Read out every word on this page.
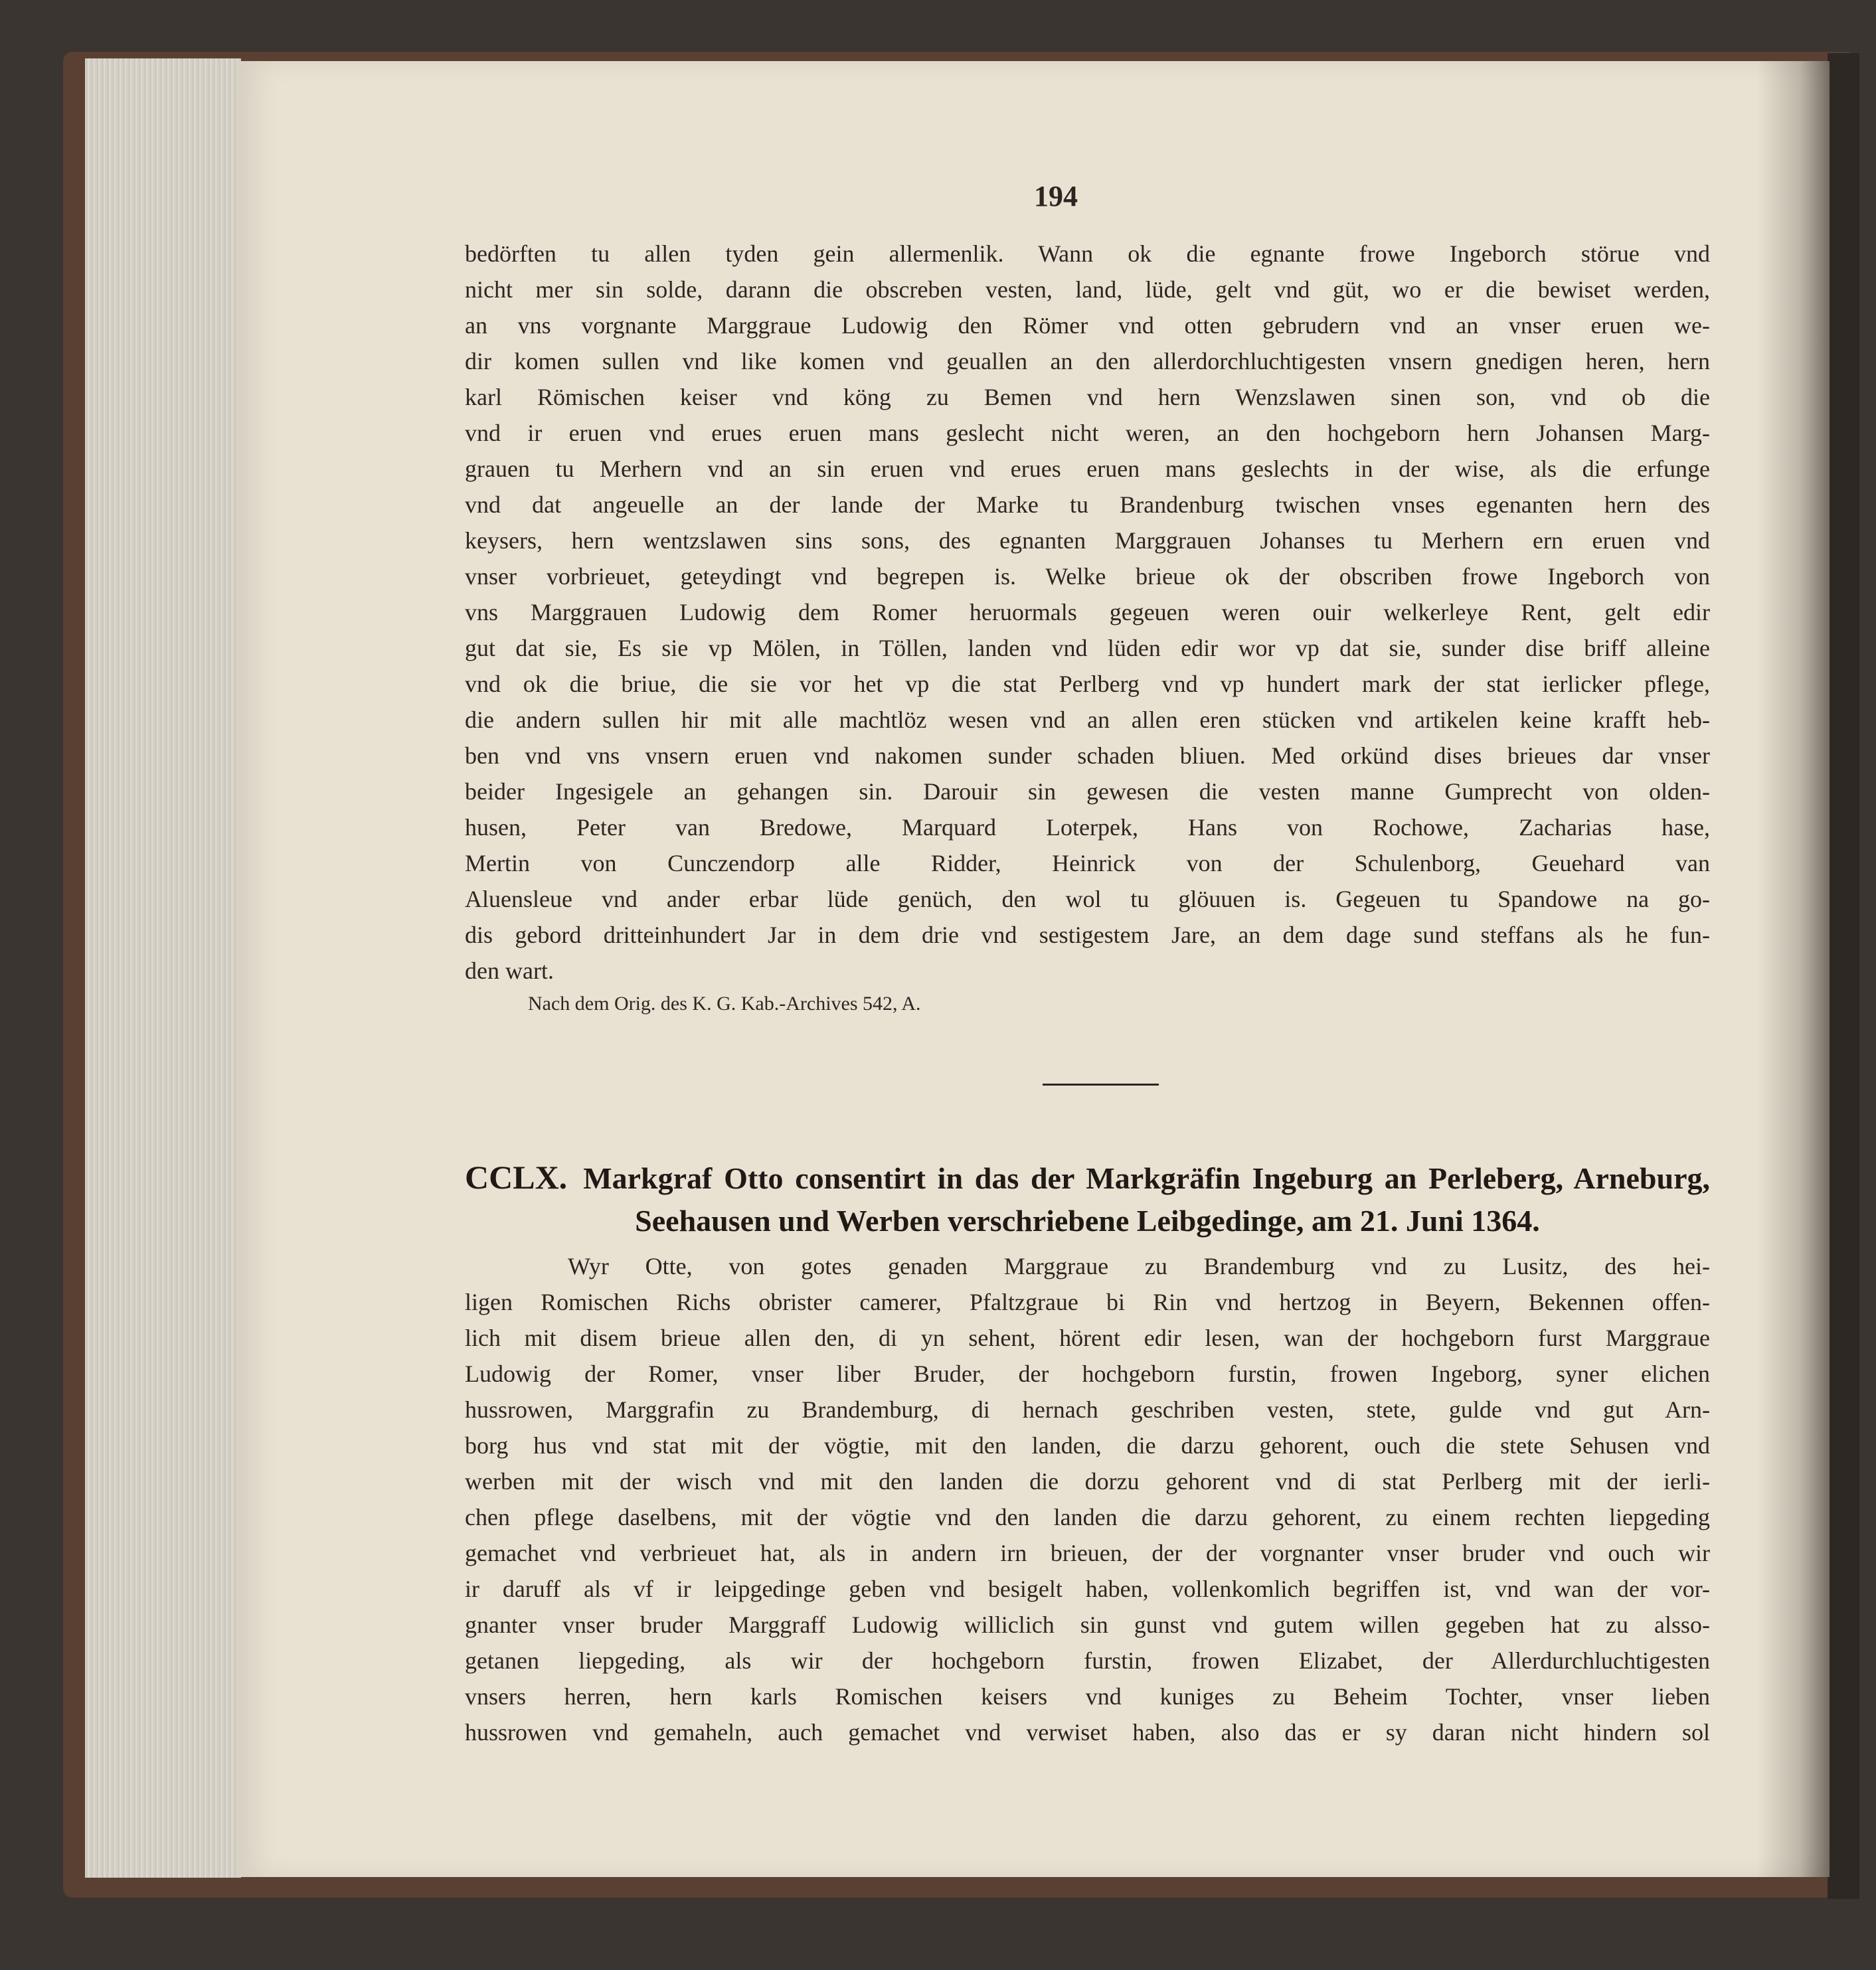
194
bedörften tu allen tyden gein allermenlik. Wann ok die egnante frowe Ingeborch störue vnd
nicht mer sin solde, darann die obscreben vesten, land, lüde, gelt vnd güt, wo er die bewiset werden,
an vns vorgnante Marggraue Ludowig den Römer vnd otten gebrudern vnd an vnser eruen we-
dir komen sullen vnd like komen vnd geuallen an den allerdorchluchtigesten vnsern gnedigen heren, hern
karl Römischen keiser vnd köng zu Bemen vnd hern Wenzslawen sinen son, vnd ob die
vnd ir eruen vnd erues eruen mans geslecht nicht weren, an den hochgeborn hern Johansen Marg-
grauen tu Merhern vnd an sin eruen vnd erues eruen mans geslechts in der wise, als die erfunge
vnd dat angeuelle an der lande der Marke tu Brandenburg twischen vnses egenanten hern des
keysers, hern wentzslawen sins sons, des egnanten Marggrauen Johanses tu Merhern ern eruen vnd
vnser vorbrieuet, geteydingt vnd begrepen is. Welke brieue ok der obscriben frowe Ingeborch von
vns Marggrauen Ludowig dem Romer heruormals gegeuen weren ouir welkerleye Rent, gelt edir
gut dat sie, Es sie vp Mölen, in Töllen, landen vnd lüden edir wor vp dat sie, sunder dise briff alleine
vnd ok die briue, die sie vor het vp die stat Perlberg vnd vp hundert mark der stat ierlicker pflege,
die andern sullen hir mit alle machtlöz wesen vnd an allen eren stücken vnd artikelen keine krafft heb-
ben vnd vns vnsern eruen vnd nakomen sunder schaden bliuen. Med orkünd dises brieues dar vnser
beider Ingesigele an gehangen sin. Darouir sin gewesen die vesten manne Gumprecht von olden-
husen, Peter van Bredowe, Marquard Loterpek, Hans von Rochowe, Zacharias hase,
Mertin von Cunczendorp alle Ridder, Heinrick von der Schulenborg, Geuehard van
Aluensleue vnd ander erbar lüde genüch, den wol tu glöuuen is. Gegeuen tu Spandowe na go-
dis gebord dritteinhundert Jar in dem drie vnd sestigestem Jare, an dem dage sund steffans als he fun-
den wart.
Nach dem Orig. des K. G. Kab.-Archives 542, A.
CCLX. Markgraf Otto consentirt in das der Markgräfin Ingeburg an Perleberg, Arneburg,
Seehausen und Werben verschriebene Leibgedinge, am 21. Juni 1364.
Wyr Otte, von gotes genaden Marggraue zu Brandemburg vnd zu Lusitz, des hei-
ligen Romischen Richs obrister camerer, Pfaltzgraue bi Rin vnd hertzog in Beyern, Bekennen offen-
lich mit disem brieue allen den, di yn sehent, hörent edir lesen, wan der hochgeborn furst Marggraue
Ludowig der Romer, vnser liber Bruder, der hochgeborn furstin, frowen Ingeborg, syner elichen
hussrowen, Marggrafin zu Brandemburg, di hernach geschriben vesten, stete, gulde vnd gut Arn-
borg hus vnd stat mit der vögtie, mit den landen, die darzu gehorent, ouch die stete Sehusen vnd
werben mit der wisch vnd mit den landen die dorzu gehorent vnd di stat Perlberg mit der ierli-
chen pflege daselbens, mit der vögtie vnd den landen die darzu gehorent, zu einem rechten liepgeding
gemachet vnd verbrieuet hat, als in andern irn brieuen, der der vorgnanter vnser bruder vnd ouch wir
ir daruff als vf ir leipgedinge geben vnd besigelt haben, vollenkomlich begriffen ist, vnd wan der vor-
gnanter vnser bruder Marggraff Ludowig williclich sin gunst vnd gutem willen gegeben hat zu alsso-
getanen liepgeding, als wir der hochgeborn furstin, frowen Elizabet, der Allerdurchluchtigesten
vnsers herren, hern karls Romischen keisers vnd kuniges zu Beheim Tochter, vnser lieben
hussrowen vnd gemaheln, auch gemachet vnd verwiset haben, also das er sy daran nicht hindern sol
